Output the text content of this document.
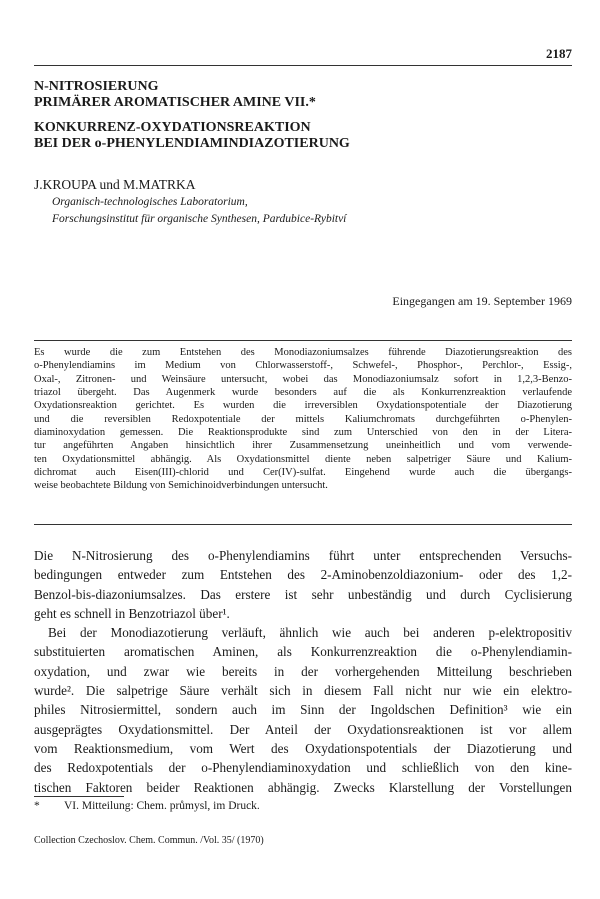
2187
N-NITROSIERUNG
PRIMÄRER AROMATISCHER AMINE VII.*
KONKURRENZ-OXYDATIONSREAKTION
BEI DER o-PHENYLENDIAMINDIAZOTIERUNG
J.KROUPA und M.MATRKA
Organisch-technologisches Laboratorium,
Forschungsinstitut für organische Synthesen, Pardubice-Rybitví
Eingegangen am 19. September 1969
Es wurde die zum Entstehen des Monodiazoniumsalzes führende Diazotierungsreaktion des
o-Phenylendiamins im Medium von Chlorwasserstoff-, Schwefel-, Phosphor-, Perchlor-, Essig-,
Oxal-, Zitronen- und Weinsäure untersucht, wobei das Monodiazoniumsalz sofort in 1,2,3-Benzo-
triazol übergeht. Das Augenmerk wurde besonders auf die als Konkurrenzreaktion verlaufende
Oxydationsreaktion gerichtet. Es wurden die irreversiblen Oxydationspotentiale der Diazotierung
und die reversiblen Redoxpotentiale der mittels Kaliumchromats durchgeführten o-Phenylen-
diaminoxydation gemessen. Die Reaktionsprodukte sind zum Unterschied von den in der Litera-
tur angeführten Angaben hinsichtlich ihrer Zusammensetzung uneinheitlich und vom verwende-
ten Oxydationsmittel abhängig. Als Oxydationsmittel diente neben salpetriger Säure und Kalium-
dichromat auch Eisen(III)-chlorid und Cer(IV)-sulfat. Eingehend wurde auch die übergangs-
weise beobachtete Bildung von Semichinoidverbindungen untersucht.
Die N-Nitrosierung des o-Phenylendiamins führt unter entsprechenden Versuchs-
bedingungen entweder zum Entstehen des 2-Aminobenzoldiazonium- oder des 1,2-
Benzol-bis-diazoniumsalzes. Das erstere ist sehr unbeständig und durch Cyclisierung
geht es schnell in Benzotriazol über¹.
Bei der Monodiazotierung verläuft, ähnlich wie auch bei anderen p-elektropositiv
substituierten aromatischen Aminen, als Konkurrenzreaktion die o-Phenylendiamin-
oxydation, und zwar wie bereits in der vorhergehenden Mitteilung beschrieben
wurde². Die salpetrige Säure verhält sich in diesem Fall nicht nur wie ein elektro-
philes Nitrosiermittel, sondern auch im Sinn der Ingoldschen Definition³ wie ein
ausgeprägtes Oxydationsmittel. Der Anteil der Oxydationsreaktionen ist vor allem
vom Reaktionsmedium, vom Wert des Oxydationspotentials der Diazotierung und
des Redoxpotentials der o-Phenylendiaminoxydation und schließlich von den kine-
tischen Faktoren beider Reaktionen abhängig. Zwecks Klarstellung der Vorstellungen
* VI. Mitteilung: Chem. průmysl, im Druck.
Collection Czechoslov. Chem. Commun. /Vol. 35/ (1970)
